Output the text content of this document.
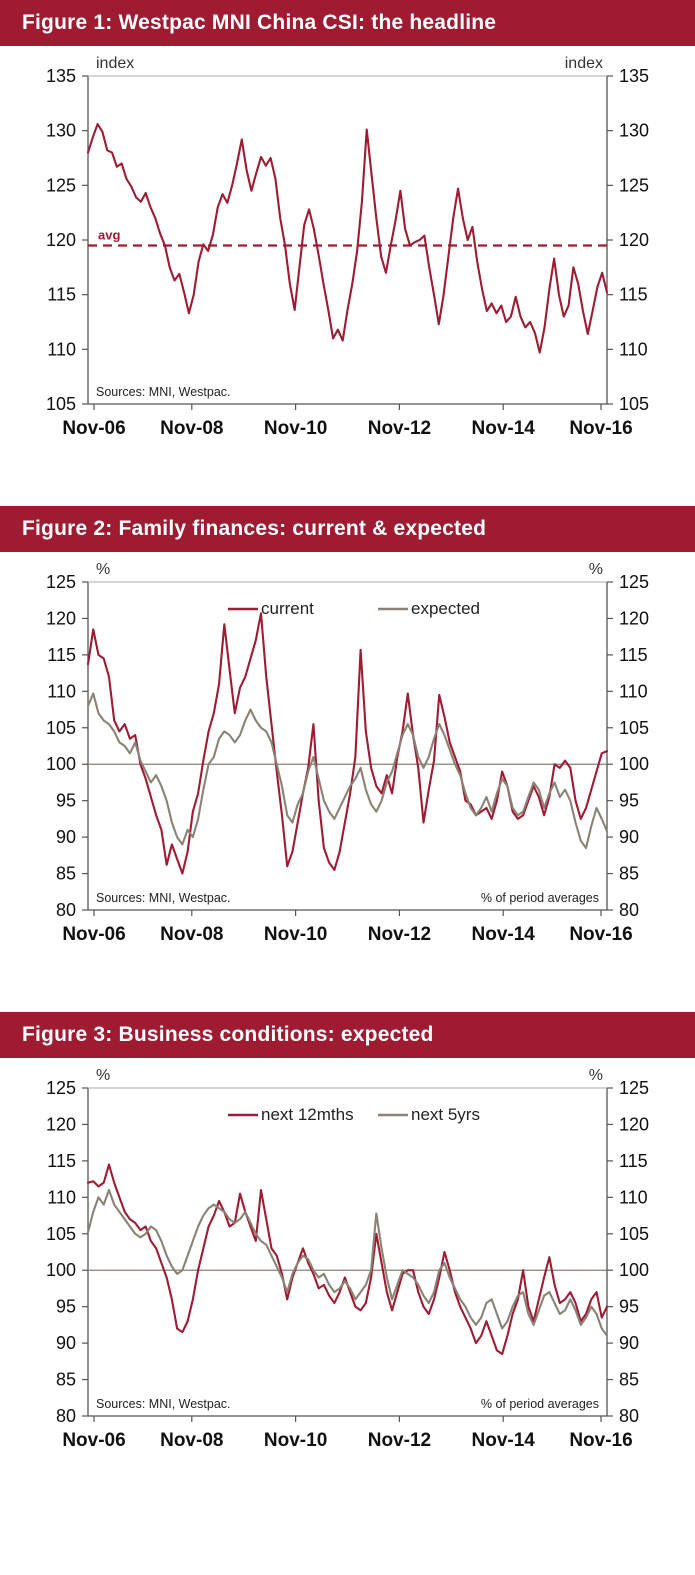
Figure 1: Westpac MNI China CSI: the headline
index	index
105	105
110	110
115	115
120	120
125	125
130	130
135	135
avg
Sources: MNI, Westpac.
Nov-06 Nov-08 Nov-10 Nov-12 Nov-14 Nov-16
Figure 2: Family finances: current & expected
%	%
80	80
85	85
90	90
95	95
100	100
105	105
110	110
115	115
120	120
125	125
current	expected
Sources: MNI, Westpac.	% of period averages
Nov-06 Nov-08 Nov-10 Nov-12 Nov-14 Nov-16
Figure 3: Business conditions: expected
%	%
80	80
85	85
90	90
95	95
100	100
105	105
110	110
115	115
120	120
125	125
next 12mths	next 5yrs
Sources: MNI, Westpac.	% of period averages
Nov-06 Nov-08 Nov-10 Nov-12 Nov-14 Nov-16
